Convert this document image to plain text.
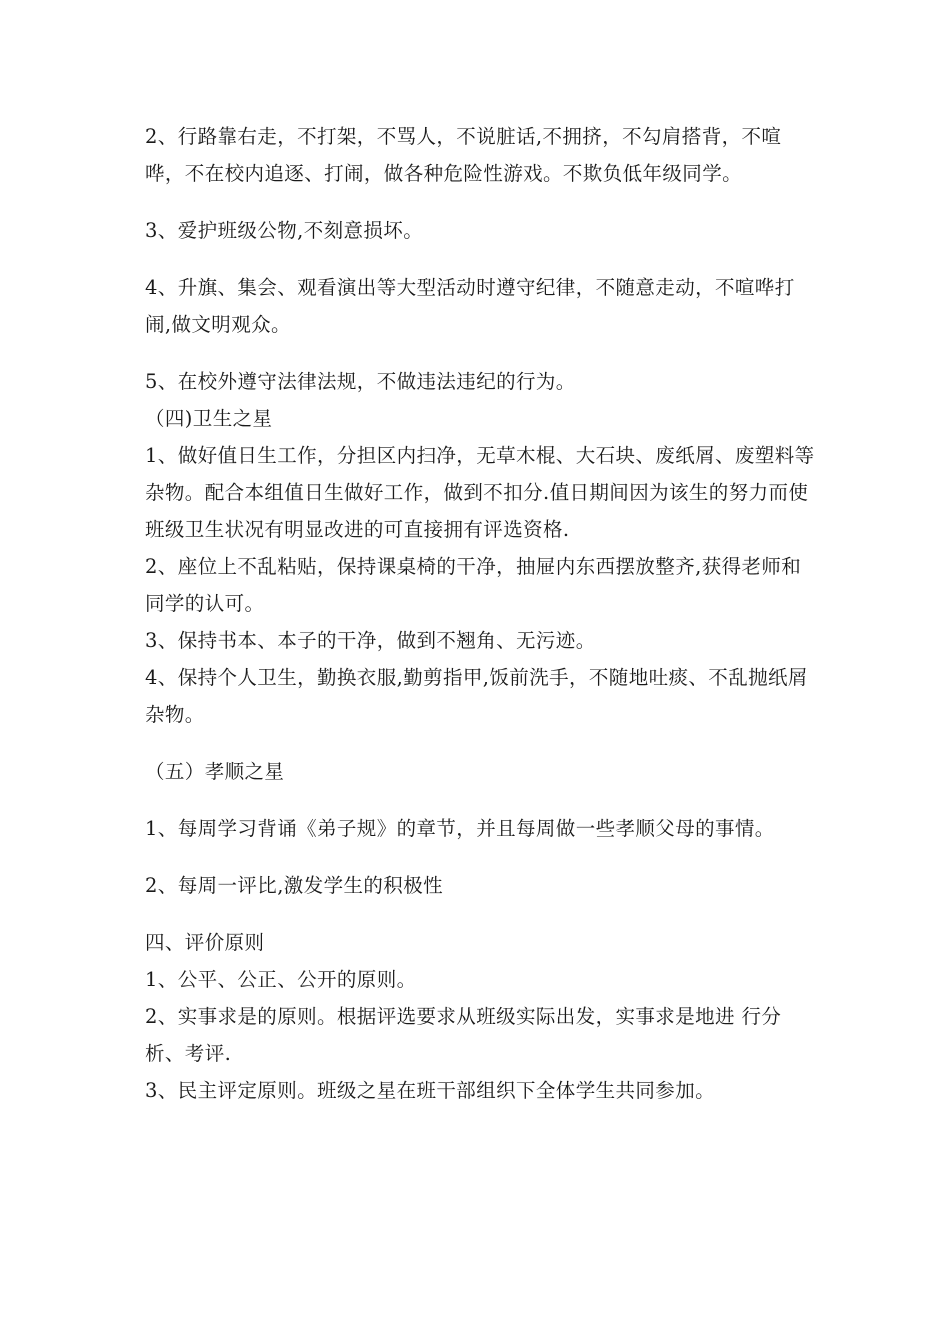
2、行路靠右走，不打架，不骂人，不说脏话,不拥挤，不勾肩搭背，不喧哗，不在校内追逐、打闹，做各种危险性游戏。不欺负低年级同学。

3、爱护班级公物,不刻意损坏。

4、升旗、集会、观看演出等大型活动时遵守纪律，不随意走动，不喧哗打闹,做文明观众。

5、在校外遵守法律法规，不做违法违纪的行为。

（四)卫生之星

1、做好值日生工作，分担区内扫净，无草木棍、大石块、废纸屑、废塑料等杂物。配合本组值日生做好工作，做到不扣分.值日期间因为该生的努力而使班级卫生状况有明显改进的可直接拥有评选资格.

2、座位上不乱粘贴，保持课桌椅的干净，抽屉内东西摆放整齐,获得老师和同学的认可。

3、保持书本、本子的干净，做到不翘角、无污迹。

4、保持个人卫生，勤换衣服,勤剪指甲,饭前洗手，不随地吐痰、不乱抛纸屑杂物。

（五）孝顺之星

1、每周学习背诵《弟子规》的章节，并且每周做一些孝顺父母的事情。

2、每周一评比,激发学生的积极性

四、评价原则

1、公平、公正、公开的原则。

2、实事求是的原则。根据评选要求从班级实际出发，实事求是地进 行分析、考评.

3、民主评定原则。班级之星在班干部组织下全体学生共同参加。
